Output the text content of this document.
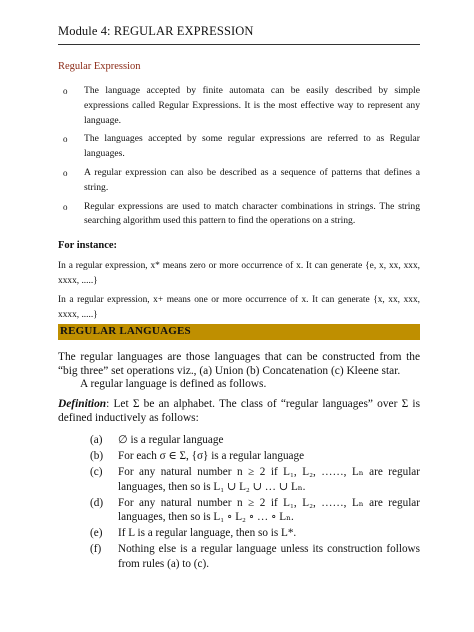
Module 4: REGULAR EXPRESSION
Regular Expression
o The language accepted by finite automata can be easily described by simple expressions called Regular Expressions. It is the most effective way to represent any language.
o The languages accepted by some regular expressions are referred to as Regular languages.
o A regular expression can also be described as a sequence of patterns that defines a string.
o Regular expressions are used to match character combinations in strings. The string searching algorithm used this pattern to find the operations on a string.
For instance:
In a regular expression, x* means zero or more occurrence of x. It can generate {e, x, xx, xxx, xxxx, .....}
In a regular expression, x+ means one or more occurrence of x. It can generate {x, xx, xxx, xxxx, .....}
REGULAR LANGUAGES
The regular languages are those languages that can be constructed from the “big three” set operations viz., (a) Union (b) Concatenation (c) Kleene star.
A regular language is defined as follows.
Definition: Let Σ be an alphabet. The class of “regular languages” over Σ is defined inductively as follows:
(a) ∅ is a regular language
(b) For each σ ∈ Σ, {σ} is a regular language
(c) For any natural number n ≥ 2 if L₁, L₂, ……, Lₙ are regular languages, then so is L₁ ∪ L₂ ∪ … ∪ Lₙ.
(d) For any natural number n ≥ 2 if L₁, L₂, ……, Lₙ are regular languages, then so is L₁ ∘ L₂ ∘ … ∘ Lₙ.
(e) If L is a regular language, then so is L*.
(f) Nothing else is a regular language unless its construction follows from rules (a) to (c).
